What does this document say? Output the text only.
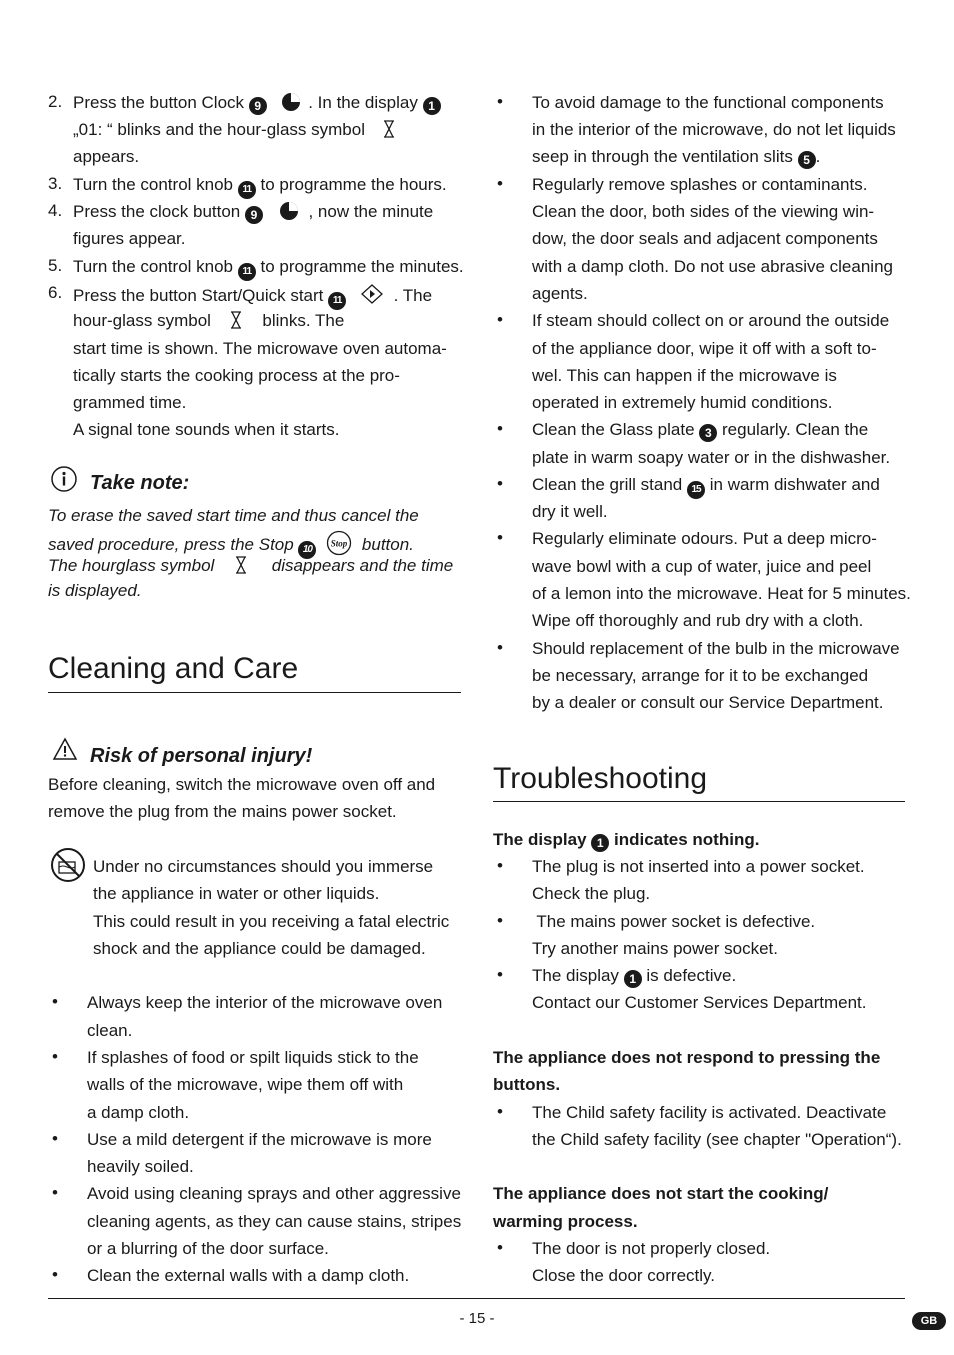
2. Press the button Clock 9	. In the display 1
„01: “ blinks and the hour-glass symbol
appears.
3. Turn the control knob 11 to programme the hours.
4. Press the clock button 9	, now the minute
figures appear.
5. Turn the control knob 11 to programme the minutes.
6. Press the button Start/Quick start 11	. The
hour-glass symbol	blinks. The
start time is shown. The microwave oven automa-
tically starts the cooking process at the pro-
grammed time.
A signal tone sounds when it starts.
Take note:
To erase the saved start time and thus cancel the
saved procedure, press the Stop 10
Stop button.
The hourglass symbol	disappears and the time
is displayed.
Cleaning and Care
Risk of personal injury!
Before cleaning, switch the microwave oven off and
remove the plug from the mains power socket.
Under no circumstances should you immerse
the appliance in water or other liquids.
This could result in you receiving a fatal electric
shock and the appliance could be damaged.
• Always keep the interior of the microwave oven
clean.
• If splashes of food or spilt liquids stick to the
walls of the microwave, wipe them off with
a damp cloth.
• Use a mild detergent if the microwave is more
heavily soiled.
• Avoid using cleaning sprays and other aggressive
cleaning agents, as they can cause stains, stripes
or a blurring of the door surface.
• Clean the external walls with a damp cloth.
• To avoid damage to the functional components
in the interior of the microwave, do not let liquids
seep in through the ventilation slits 5 .
• Regularly remove splashes or contaminants.
Clean the door, both sides of the viewing win-
dow, the door seals and adjacent components
with a damp cloth. Do not use abrasive cleaning
agents.
• If steam should collect on or around the outside
of the appliance door, wipe it off with a soft to-
wel. This can happen if the microwave is
operated in extremely humid conditions.
• Clean the Glass plate 3 regularly. Clean the
plate in warm soapy water or in the dishwasher.
• Clean the grill stand 15 in warm dishwater and
dry it well.
• Regularly eliminate odours. Put a deep micro-
wave bowl with a cup of water, juice and peel
of a lemon into the microwave. Heat for 5 minutes.
Wipe off thoroughly and rub dry with a cloth.
• Should replacement of the bulb in the microwave
be necessary, arrange for it to be exchanged
by a dealer or consult our Service Department.
Troubleshooting
The display 1 indicates nothing.
• The plug is not inserted into a power socket.
Check the plug.
• The mains power socket is defective.
Try another mains power socket.
• The display 1 is defective.
Contact our Customer Services Department.
The appliance does not respond to pressing the
buttons.
• The Child safety facility is activated. Deactivate
the Child safety facility (see chapter "Operation“).
The appliance does not start the cooking/
warming process.
• The door is not properly closed.
Close the door correctly.
- 15 -	GB
